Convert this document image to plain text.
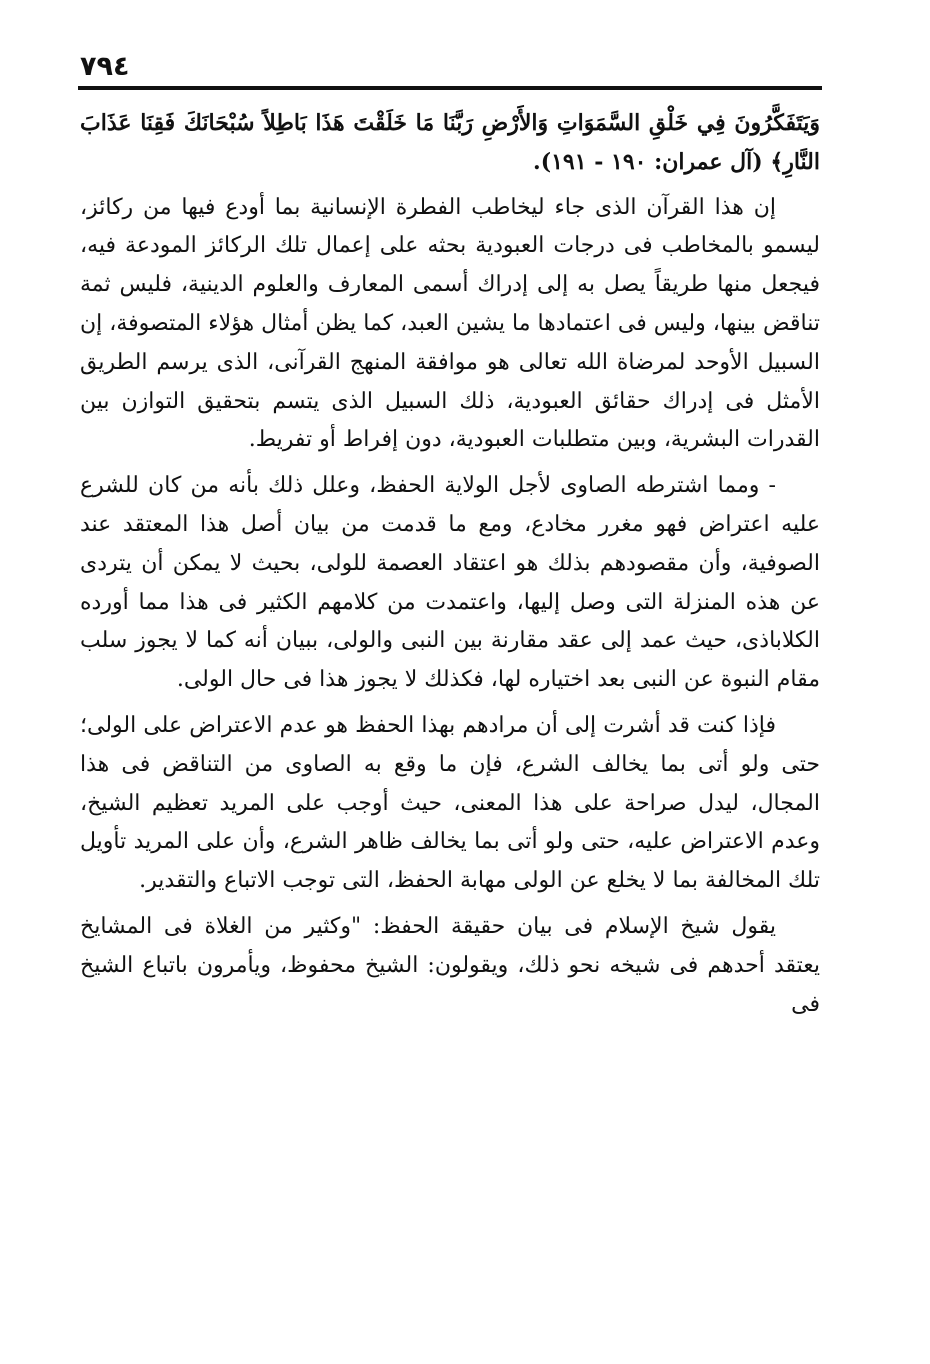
٧٩٤

وَيَتَفَكَّرُونَ فِي خَلْقِ السَّمَوَاتِ وَالأَرْضِ رَبَّنَا مَا خَلَقْتَ هَذَا بَاطِلاً سُبْحَانَكَ فَقِنَا عَذَابَ النَّارِ﴾ (آل عمران: ١٩٠ - ١٩١).

إن هذا القرآن الذى جاء ليخاطب الفطرة الإنسانية بما أودع فيها من ركائز، ليسمو بالمخاطب فى درجات العبودية بحثه على إعمال تلك الركائز المودعة فيه، فيجعل منها طريقاً يصل به إلى إدراك أسمى المعارف والعلوم الدينية، فليس ثمة تناقض بينها، وليس فى اعتمادها ما يشين العبد، كما يظن أمثال هؤلاء المتصوفة، إن السبيل الأوحد لمرضاة الله تعالى هو موافقة المنهج القرآنى، الذى يرسم الطريق الأمثل فى إدراك حقائق العبودية، ذلك السبيل الذى يتسم بتحقيق التوازن بين القدرات البشرية، وبين متطلبات العبودية، دون إفراط أو تفريط.

- ومما اشترطه الصاوى لأجل الولاية الحفظ، وعلل ذلك بأنه من كان للشرع عليه اعتراض فهو مغرر مخادع، ومع ما قدمت من بيان أصل هذا المعتقد عند الصوفية، وأن مقصودهم بذلك هو اعتقاد العصمة للولى، بحيث لا يمكن أن يتردى عن هذه المنزلة التى وصل إليها، واعتمدت من كلامهم الكثير فى هذا مما أورده الكلاباذى، حيث عمد إلى عقد مقارنة بين النبى والولى، ببيان أنه كما لا يجوز سلب مقام النبوة عن النبى بعد اختياره لها، فكذلك لا يجوز هذا فى حال الولى.

فإذا كنت قد أشرت إلى أن مرادهم بهذا الحفظ هو عدم الاعتراض على الولى؛ حتى ولو أتى بما يخالف الشرع، فإن ما وقع به الصاوى من التناقض فى هذا المجال، ليدل صراحة على هذا المعنى، حيث أوجب على المريد تعظيم الشيخ، وعدم الاعتراض عليه، حتى ولو أتى بما يخالف ظاهر الشرع، وأن على المريد تأويل تلك المخالفة بما لا يخلع عن الولى مهابة الحفظ، التى توجب الاتباع والتقدير.

يقول شيخ الإسلام فى بيان حقيقة الحفظ: "وكثير من الغلاة فى المشايخ يعتقد أحدهم فى شيخه نحو ذلك، ويقولون: الشيخ محفوظ، ويأمرون باتباع الشيخ فى
